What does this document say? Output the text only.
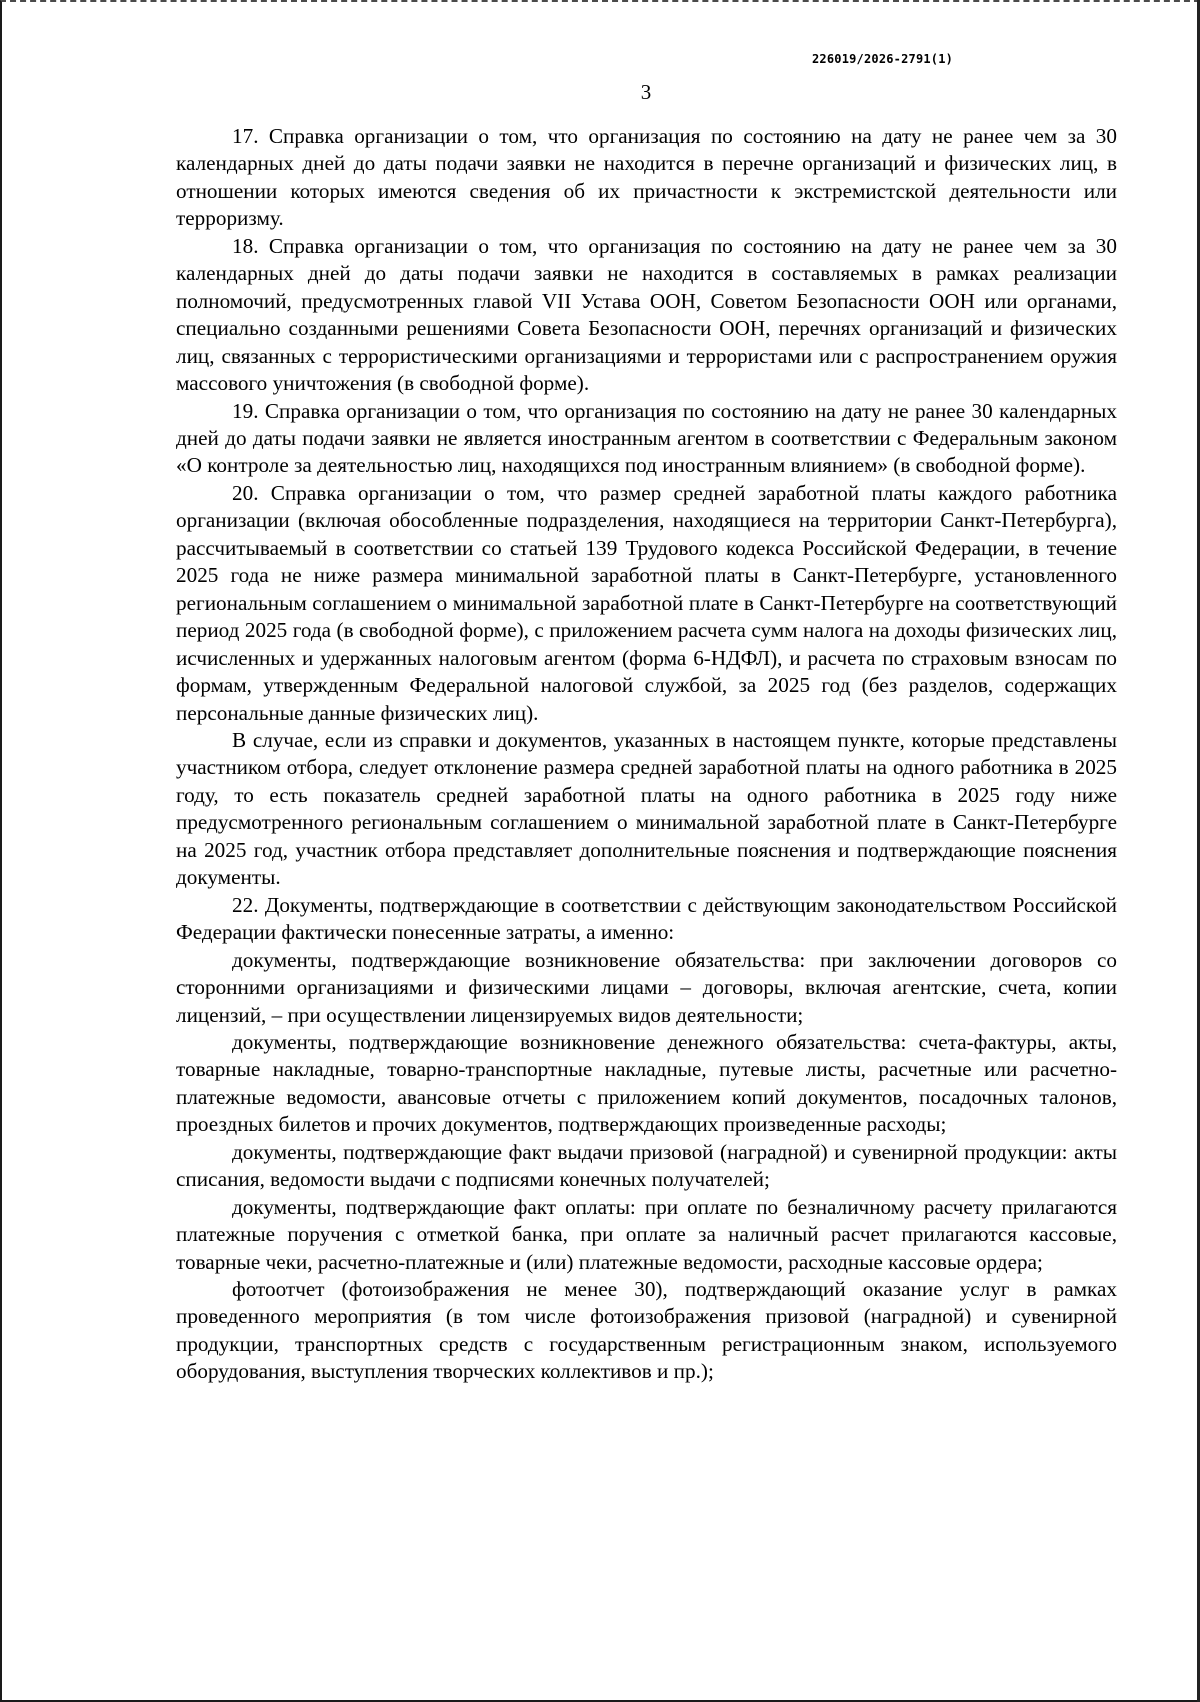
226019/2026-2791(1)
3

17. Справка организации о том, что организация по состоянию на дату не ранее чем за 30 календарных дней до даты подачи заявки не находится в перечне организаций и физических лиц, в отношении которых имеются сведения об их причастности к экстремистской деятельности или терроризму.

18. Справка организации о том, что организация по состоянию на дату не ранее чем за 30 календарных дней до даты подачи заявки не находится в составляемых в рамках реализации полномочий, предусмотренных главой VII Устава ООН, Советом Безопасности ООН или органами, специально созданными решениями Совета Безопасности ООН, перечнях организаций и физических лиц, связанных с террористическими организациями и террористами или с распространением оружия массового уничтожения (в свободной форме).

19. Справка организации о том, что организация по состоянию на дату не ранее 30 календарных дней до даты подачи заявки не является иностранным агентом в соответствии с Федеральным законом «О контроле за деятельностью лиц, находящихся под иностранным влиянием» (в свободной форме).

20. Справка организации о том, что размер средней заработной платы каждого работника организации (включая обособленные подразделения, находящиеся на территории Санкт-Петербурга), рассчитываемый в соответствии со статьей 139 Трудового кодекса Российской Федерации, в течение 2025 года не ниже размера минимальной заработной платы в Санкт-Петербурге, установленного региональным соглашением о минимальной заработной плате в Санкт-Петербурге на соответствующий период 2025 года (в свободной форме), с приложением расчета сумм налога на доходы физических лиц, исчисленных и удержанных налоговым агентом (форма 6-НДФЛ), и расчета по страховым взносам по формам, утвержденным Федеральной налоговой службой, за 2025 год (без разделов, содержащих персональные данные физических лиц).

В случае, если из справки и документов, указанных в настоящем пункте, которые представлены участником отбора, следует отклонение размера средней заработной платы на одного работника в 2025 году, то есть показатель средней заработной платы на одного работника в 2025 году ниже предусмотренного региональным соглашением о минимальной заработной плате в Санкт-Петербурге на 2025 год, участник отбора представляет дополнительные пояснения и подтверждающие пояснения документы.

22. Документы, подтверждающие в соответствии с действующим законодательством Российской Федерации фактически понесенные затраты, а именно:

документы, подтверждающие возникновение обязательства: при заключении договоров со сторонними организациями и физическими лицами – договоры, включая агентские, счета, копии лицензий, – при осуществлении лицензируемых видов деятельности;

документы, подтверждающие возникновение денежного обязательства: счета-фактуры, акты, товарные накладные, товарно-транспортные накладные, путевые листы, расчетные или расчетно-платежные ведомости, авансовые отчеты с приложением копий документов, посадочных талонов, проездных билетов и прочих документов, подтверждающих произведенные расходы;

документы, подтверждающие факт выдачи призовой (наградной) и сувенирной продукции: акты списания, ведомости выдачи с подписями конечных получателей;

документы, подтверждающие факт оплаты: при оплате по безналичному расчету прилагаются платежные поручения с отметкой банка, при оплате за наличный расчет прилагаются кассовые, товарные чеки, расчетно-платежные и (или) платежные ведомости, расходные кассовые ордера;

фотоотчет (фотоизображения не менее 30), подтверждающий оказание услуг в рамках проведенного мероприятия (в том числе фотоизображения призовой (наградной) и сувенирной продукции, транспортных средств с государственным регистрационным знаком, используемого оборудования, выступления творческих коллективов и пр.);
